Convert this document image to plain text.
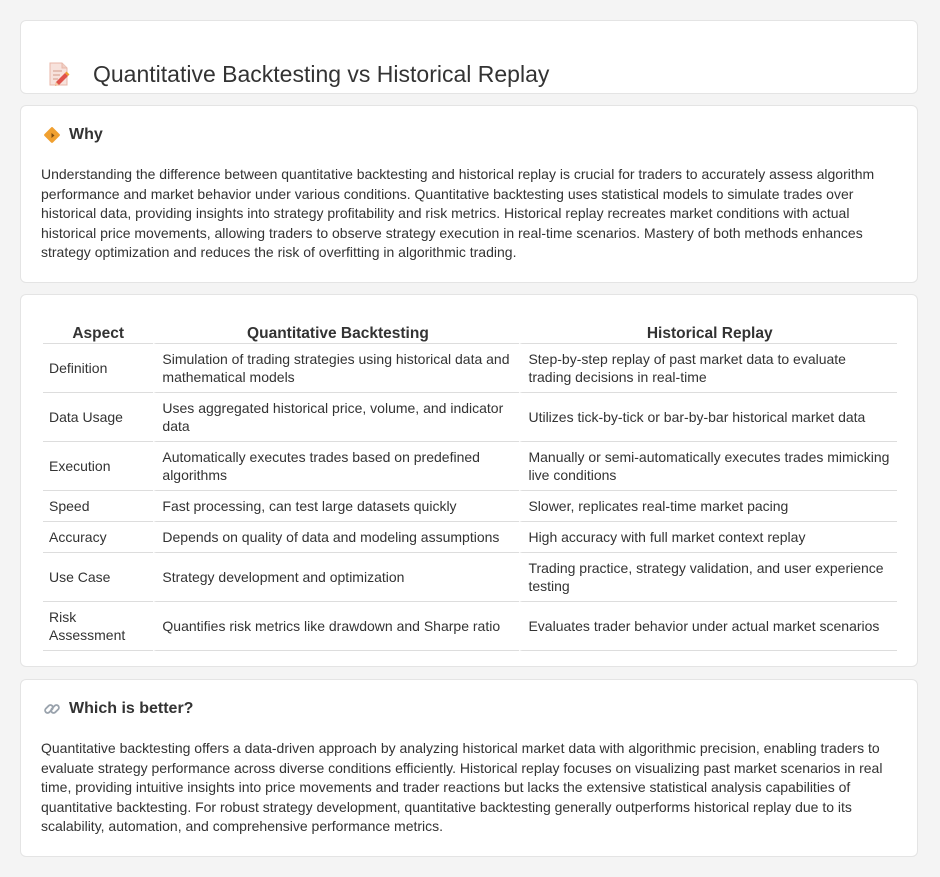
Quantitative Backtesting vs Historical Replay
Why

Understanding the difference between quantitative backtesting and historical replay is crucial for traders to accurately assess algorithm performance and market behavior under various conditions. Quantitative backtesting uses statistical models to simulate trades over historical data, providing insights into strategy profitability and risk metrics. Historical replay recreates market conditions with actual historical price movements, allowing traders to observe strategy execution in real-time scenarios. Mastery of both methods enhances strategy optimization and reduces the risk of overfitting in algorithmic trading.

Aspect	Quantitative Backtesting	Historical Replay
Definition	Simulation of trading strategies using historical data and mathematical models	Step-by-step replay of past market data to evaluate trading decisions in real-time
Data Usage	Uses aggregated historical price, volume, and indicator data	Utilizes tick-by-tick or bar-by-bar historical market data
Execution	Automatically executes trades based on predefined algorithms	Manually or semi-automatically executes trades mimicking live conditions
Speed	Fast processing, can test large datasets quickly	Slower, replicates real-time market pacing
Accuracy	Depends on quality of data and modeling assumptions	High accuracy with full market context replay
Use Case	Strategy development and optimization	Trading practice, strategy validation, and user experience testing
Risk Assessment	Quantifies risk metrics like drawdown and Sharpe ratio	Evaluates trader behavior under actual market scenarios
Which is better?

Quantitative backtesting offers a data-driven approach by analyzing historical market data with algorithmic precision, enabling traders to evaluate strategy performance across diverse conditions efficiently. Historical replay focuses on visualizing past market scenarios in real time, providing intuitive insights into price movements and trader reactions but lacks the extensive statistical analysis capabilities of quantitative backtesting. For robust strategy development, quantitative backtesting generally outperforms historical replay due to its scalability, automation, and comprehensive performance metrics.
